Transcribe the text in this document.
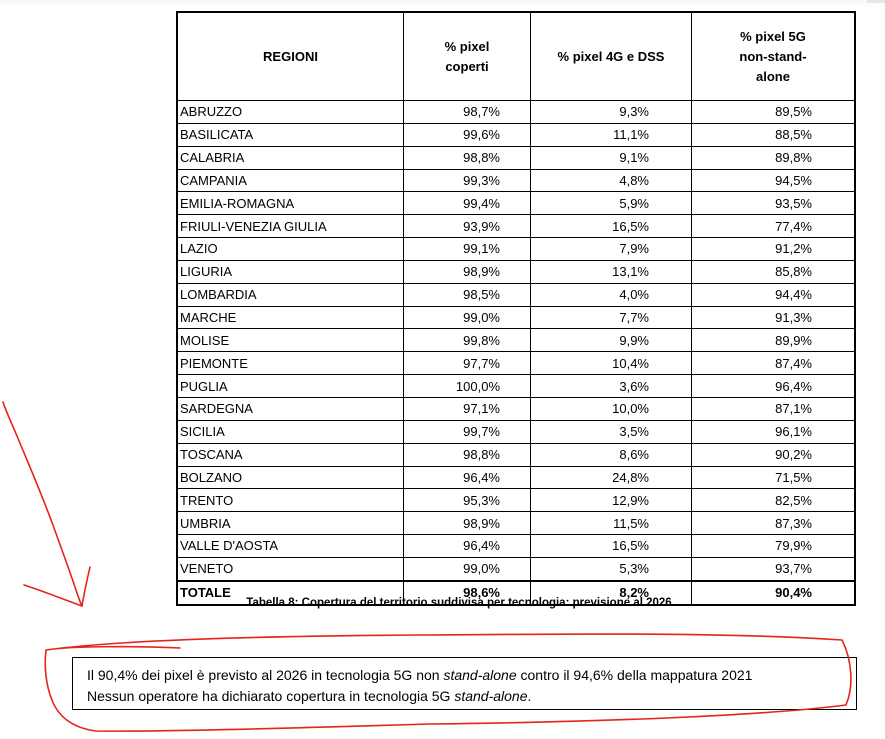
REGIONI	% pixel coperti	% pixel 4G e DSS	% pixel 5G non-stand-alone
ABRUZZO	98,7%	9,3%	89,5%
BASILICATA	99,6%	11,1%	88,5%
CALABRIA	98,8%	9,1%	89,8%
CAMPANIA	99,3%	4,8%	94,5%
EMILIA-ROMAGNA	99,4%	5,9%	93,5%
FRIULI-VENEZIA GIULIA	93,9%	16,5%	77,4%
LAZIO	99,1%	7,9%	91,2%
LIGURIA	98,9%	13,1%	85,8%
LOMBARDIA	98,5%	4,0%	94,4%
MARCHE	99,0%	7,7%	91,3%
MOLISE	99,8%	9,9%	89,9%
PIEMONTE	97,7%	10,4%	87,4%
PUGLIA	100,0%	3,6%	96,4%
SARDEGNA	97,1%	10,0%	87,1%
SICILIA	99,7%	3,5%	96,1%
TOSCANA	98,8%	8,6%	90,2%
BOLZANO	96,4%	24,8%	71,5%
TRENTO	95,3%	12,9%	82,5%
UMBRIA	98,9%	11,5%	87,3%
VALLE D'AOSTA	96,4%	16,5%	79,9%
VENETO	99,0%	5,3%	93,7%
TOTALE	98,6%	8,2%	90,4%
Tabella 8: Copertura del territorio suddivisa per tecnologia: previsione al 2026
Il 90,4% dei pixel è previsto al 2026 in tecnologia 5G non stand-alone contro il 94,6% della mappatura 2021
Nessun operatore ha dichiarato copertura in tecnologia 5G stand-alone.
